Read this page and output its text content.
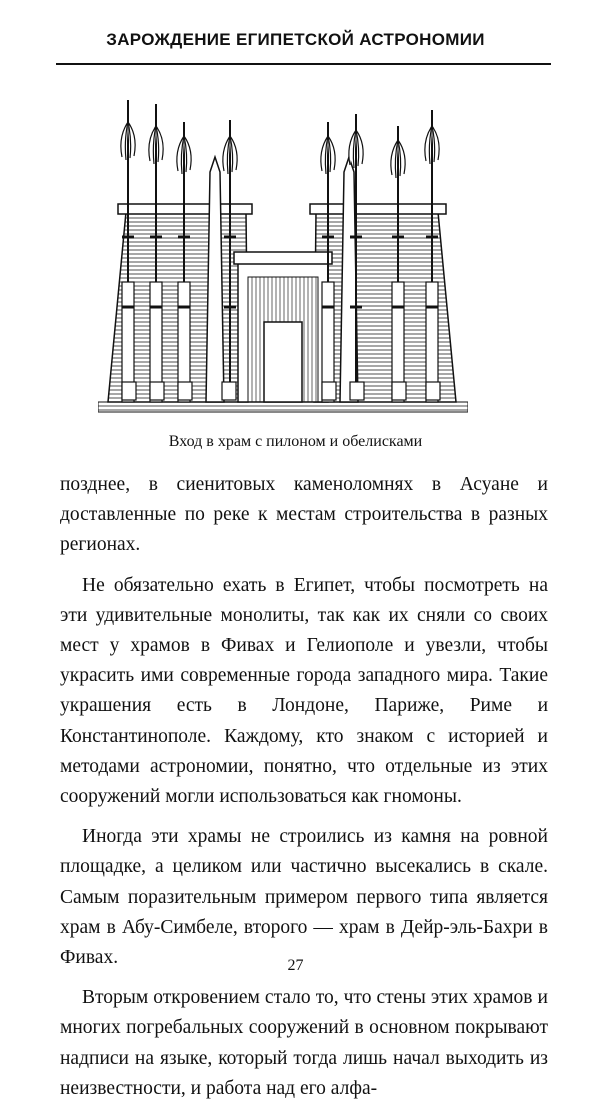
ЗАРОЖДЕНИЕ ЕГИПЕТСКОЙ АСТРОНОМИИ
Вход в храм с пилоном и обелисками

позднее, в сиенитовых каменоломнях в Асуане и доставленные по реке к местам строительства в разных регионах.

Не обязательно ехать в Египет, чтобы посмотреть на эти удивительные монолиты, так как их сняли со своих мест у храмов в Фивах и Гелиополе и увезли, чтобы украсить ими современные города западного мира. Такие украшения есть в Лондоне, Париже, Риме и Константинополе. Каждому, кто знаком с историей и методами астрономии, понятно, что отдельные из этих сооружений могли использоваться как гномоны.

Иногда эти храмы не строились из камня на ровной площадке, а целиком или частично высекались в скале. Самым поразительным примером первого типа является храм в Абу-Симбеле, второго — храм в Дейр-эль-Бахри в Фивах.

Вторым откровением стало то, что стены этих храмов и многих погребальных сооружений в основном покрывают надписи на языке, который тогда лишь начал выходить из неизвестности, и работа над его алфа-

27
